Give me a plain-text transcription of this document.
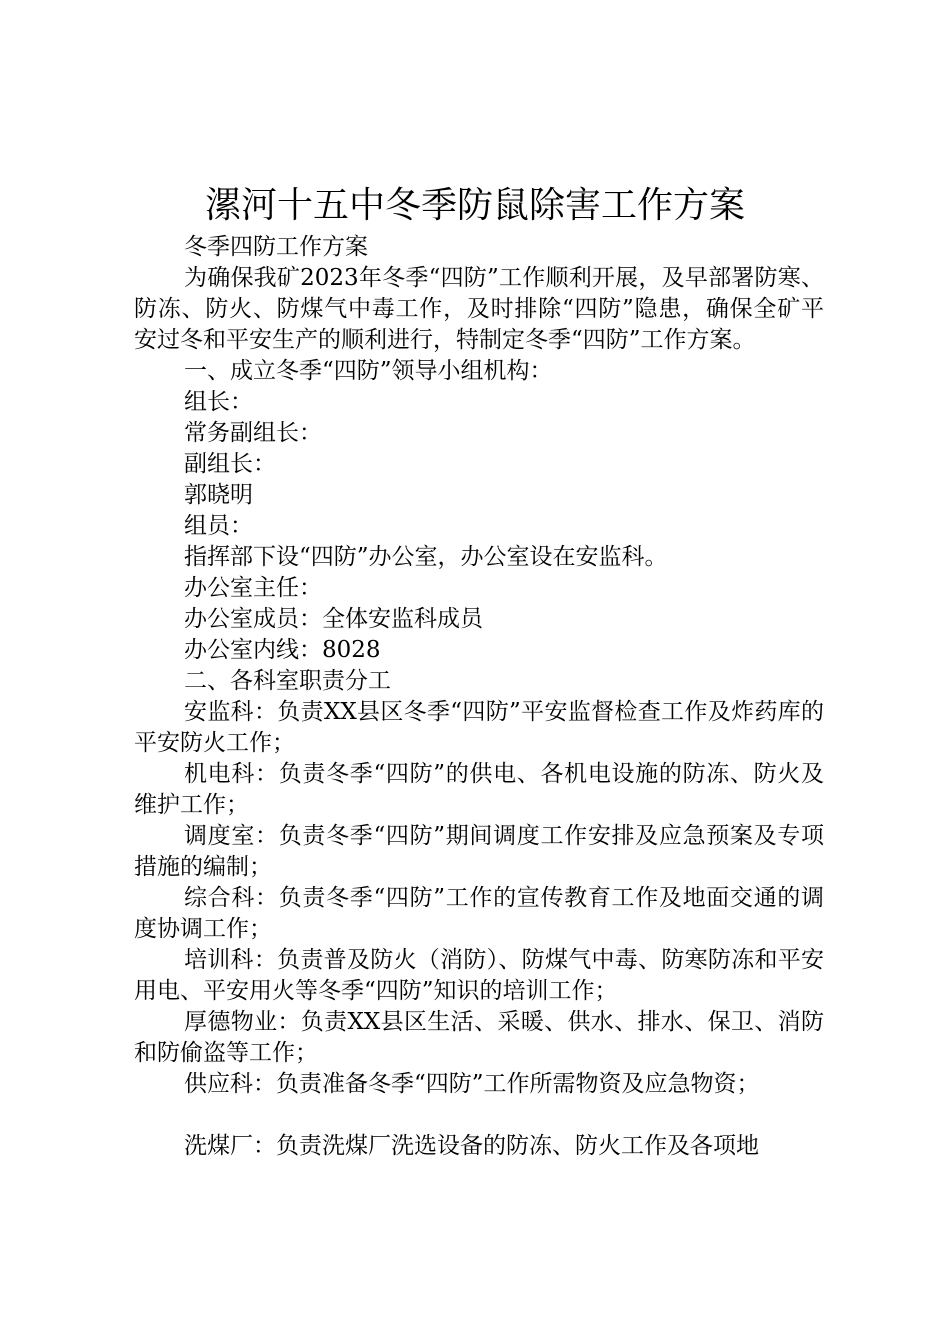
漯河十五中冬季防鼠除害工作方案

冬季四防工作方案

为确保我矿2023年冬季“四防”工作顺利开展，及早部署防寒、防冻、防火、防煤气中毒工作，及时排除“四防”隐患，确保全矿平安过冬和平安生产的顺利进行，特制定冬季“四防”工作方案。

一、成立冬季“四防”领导小组机构：

组长：

常务副组长：

副组长：

郭晓明

组员：

指挥部下设“四防”办公室，办公室设在安监科。

办公室主任：

办公室成员：全体安监科成员

办公室内线：8028

二、各科室职责分工

安监科：负责XX县区冬季“四防”平安监督检查工作及炸药库的平安防火工作；

机电科：负责冬季“四防”的供电、各机电设施的防冻、防火及维护工作；

调度室：负责冬季“四防”期间调度工作安排及应急预案及专项措施的编制；

综合科：负责冬季“四防”工作的宣传教育工作及地面交通的调度协调工作；

培训科：负责普及防火（消防）、防煤气中毒、防寒防冻和平安用电、平安用火等冬季“四防”知识的培训工作；

厚德物业：负责XX县区生活、采暖、供水、排水、保卫、消防和防偷盗等工作；

供应科：负责准备冬季“四防”工作所需物资及应急物资；

洗煤厂：负责洗煤厂洗选设备的防冻、防火工作及各项地
